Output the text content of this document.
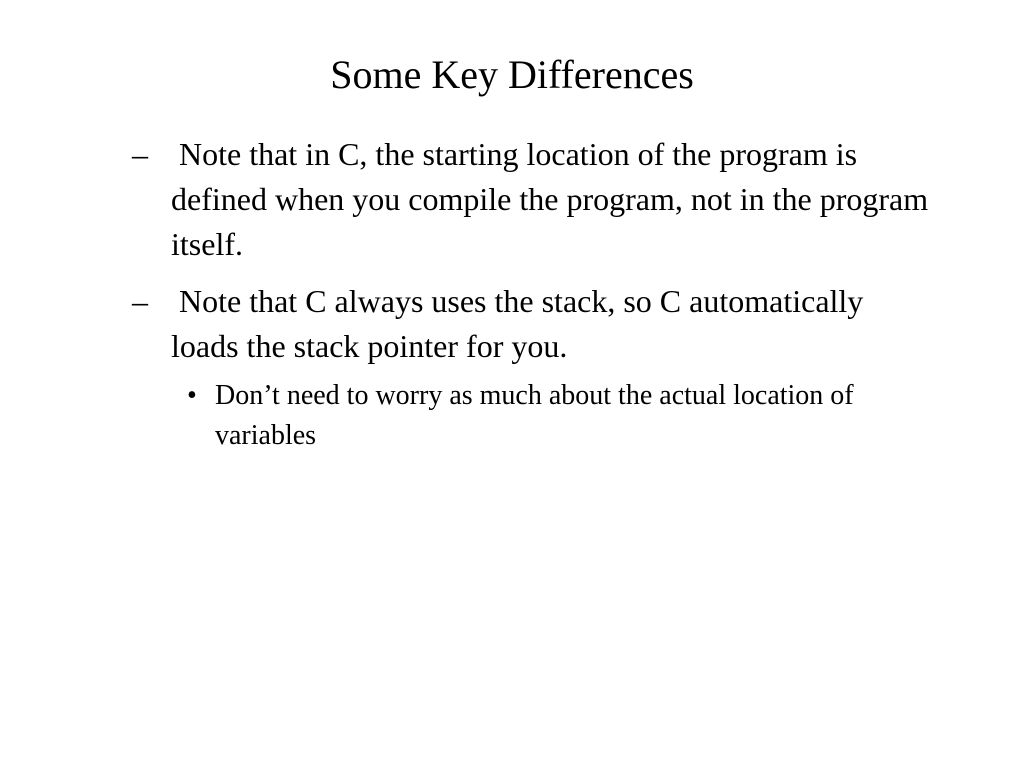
Some Key Differences
– Note that in C, the starting location of the program is defined when you compile the program, not in the program itself.
– Note that C always uses the stack, so C automatically loads the stack pointer for you.
• Don’t need to worry as much about the actual location of variables
